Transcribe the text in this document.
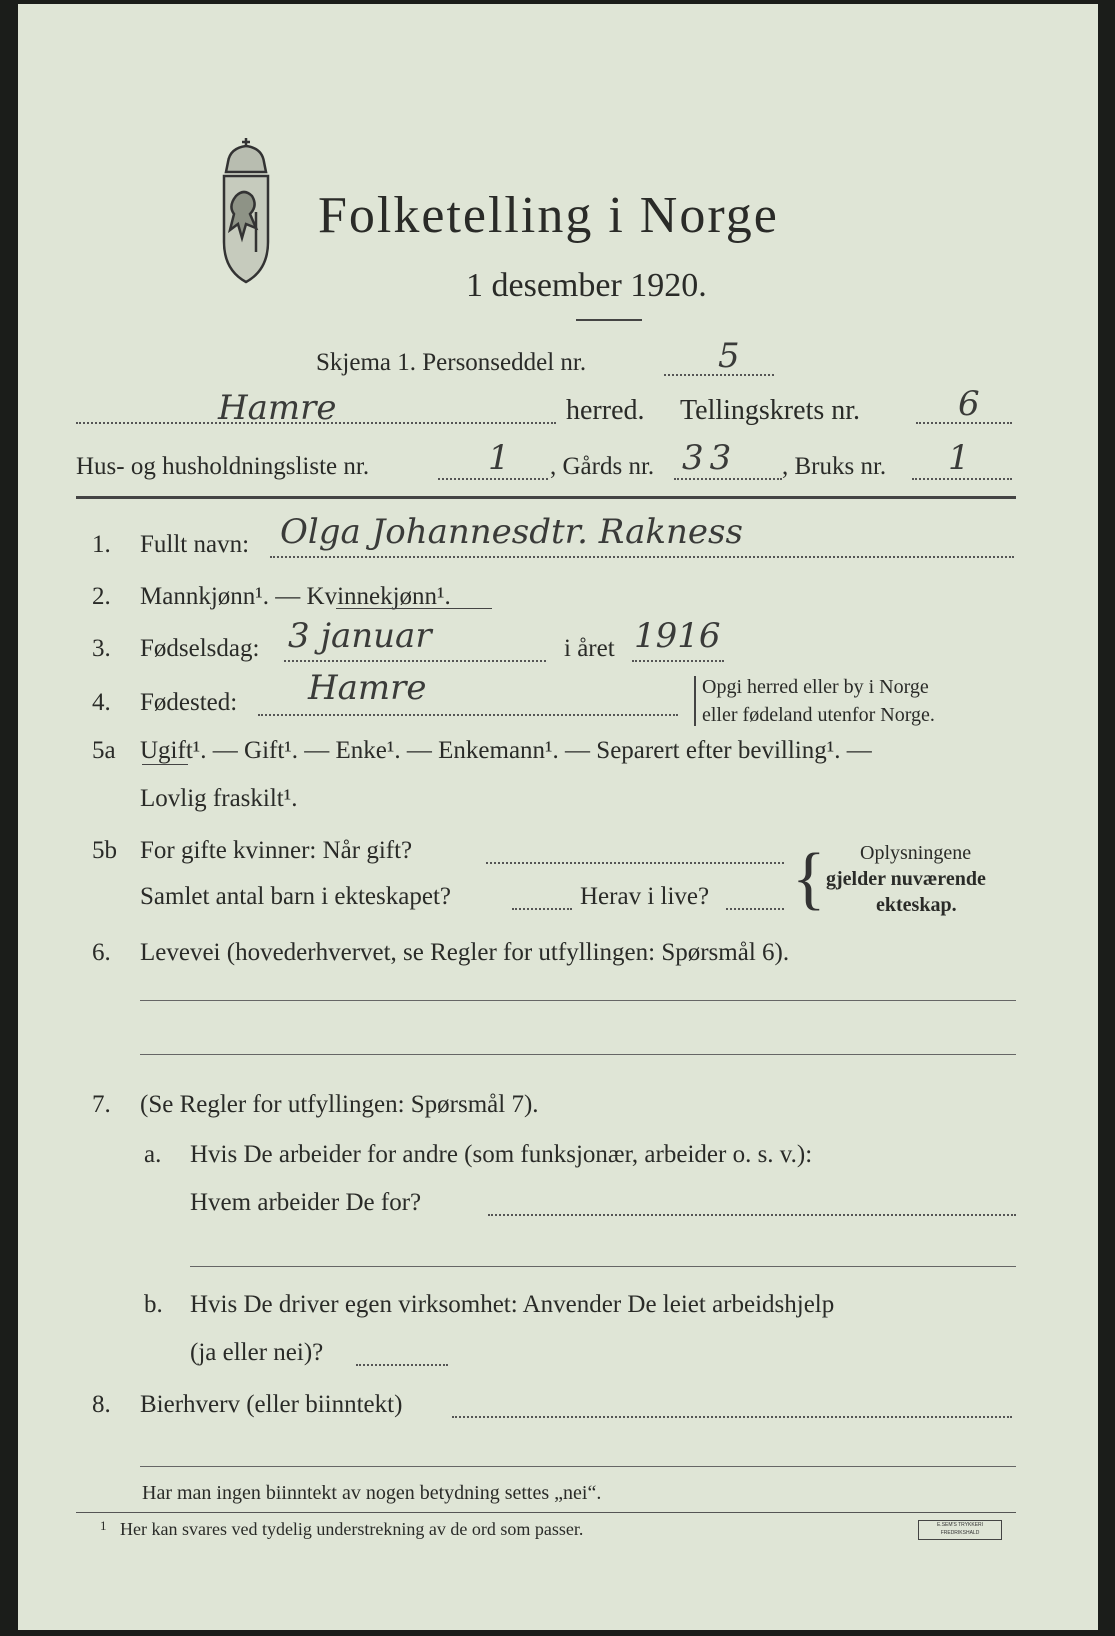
Folketelling i Norge
1 desember 1920.
Skjema 1. Personseddel nr.	5
Hamre	herred. Tellingskrets nr.	6
Hus- og husholdningsliste nr.	1 , Gårds nr. 33 , Bruks nr. 1
1. Fullt navn: Olga Johannesdtr. Rakness
2. Mannkjønn¹. — Kvinnekjønn¹.
3. Fødselsdag: 3 januar	i året 1916
4. Fødested: Hamre	Opgi herred eller by i Norge
eller fødeland utenfor Norge.
5a Ugift¹. — Gift¹. — Enke¹. — Enkemann¹. — Separert efter bevilling¹. —
Lovlig fraskilt¹.
5b For gifte kvinner: Når gift?
Samlet antal barn i ekteskapet?	Herav i live? { Oplysningene
gjelder nuværende
ekteskap.
6. Levevei (hovederhvervet, se Regler for utfyllingen: Spørsmål 6).
7. (Se Regler for utfyllingen: Spørsmål 7).
a. Hvis De arbeider for andre (som funksjonær, arbeider o. s. v.):
Hvem arbeider De for?
b. Hvis De driver egen virksomhet: Anvender De leiet arbeidshjelp
(ja eller nei)?
8. Bierhverv (eller biinntekt)
Har man ingen biinntekt av nogen betydning settes „nei“.
1 Her kan svares ved tydelig understrekning av de ord som passer.	E.SEM'S TRYKKERI FREDRIKSHALD
